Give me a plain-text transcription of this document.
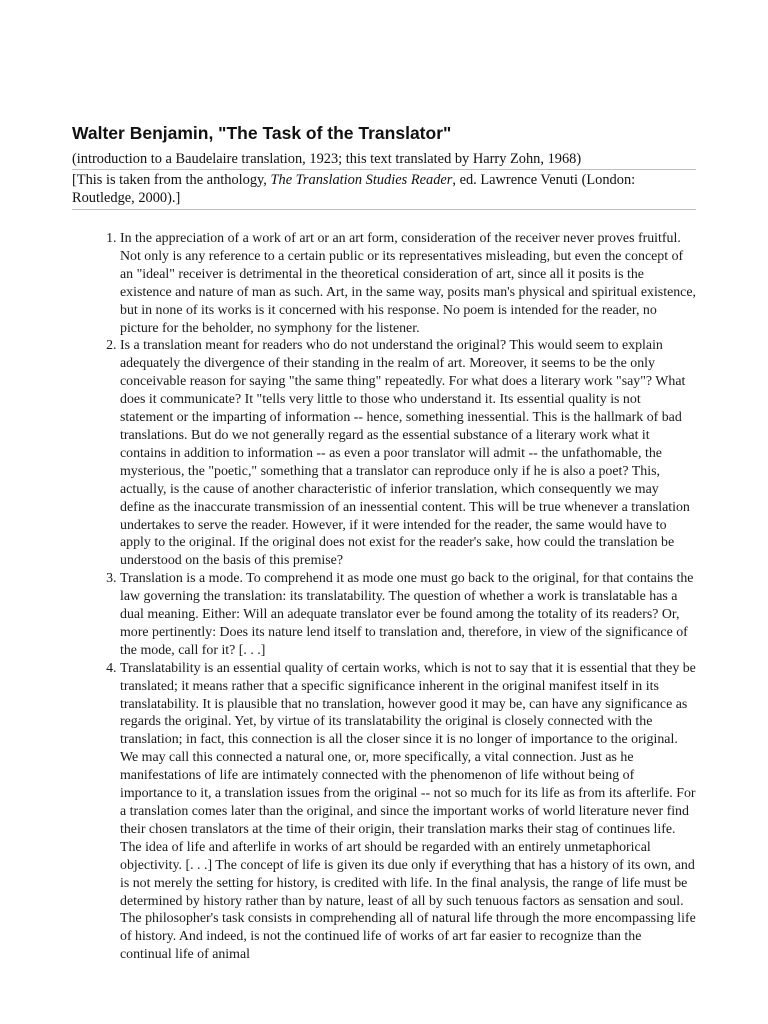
Walter Benjamin, "The Task of the Translator"
(introduction to a Baudelaire translation, 1923; this text translated by Harry Zohn, 1968)
[This is taken from the anthology, The Translation Studies Reader, ed. Lawrence Venuti (London: Routledge, 2000).]
1. In the appreciation of a work of art or an art form, consideration of the receiver never proves fruitful. Not only is any reference to a certain public or its representatives misleading, but even the concept of an "ideal" receiver is detrimental in the theoretical consideration of art, since all it posits is the existence and nature of man as such. Art, in the same way, posits man's physical and spiritual existence, but in none of its works is it concerned with his response. No poem is intended for the reader, no picture for the beholder, no symphony for the listener.
2. Is a translation meant for readers who do not understand the original? This would seem to explain adequately the divergence of their standing in the realm of art. Moreover, it seems to be the only conceivable reason for saying "the same thing" repeatedly. For what does a literary work "say"? What does it communicate? It "tells very little to those who understand it. Its essential quality is not statement or the imparting of information -- hence, something inessential. This is the hallmark of bad translations. But do we not generally regard as the essential substance of a literary work what it contains in addition to information -- as even a poor translator will admit -- the unfathomable, the mysterious, the "poetic," something that a translator can reproduce only if he is also a poet? This, actually, is the cause of another characteristic of inferior translation, which consequently we may define as the inaccurate transmission of an inessential content. This will be true whenever a translation undertakes to serve the reader. However, if it were intended for the reader, the same would have to apply to the original. If the original does not exist for the reader's sake, how could the translation be understood on the basis of this premise?
3. Translation is a mode. To comprehend it as mode one must go back to the original, for that contains the law governing the translation: its translatability. The question of whether a work is translatable has a dual meaning. Either: Will an adequate translator ever be found among the totality of its readers? Or, more pertinently: Does its nature lend itself to translation and, therefore, in view of the significance of the mode, call for it? [. . .]
4. Translatability is an essential quality of certain works, which is not to say that it is essential that they be translated; it means rather that a specific significance inherent in the original manifest itself in its translatability. It is plausible that no translation, however good it may be, can have any significance as regards the original. Yet, by virtue of its translatability the original is closely connected with the translation; in fact, this connection is all the closer since it is no longer of importance to the original. We may call this connected a natural one, or, more specifically, a vital connection. Just as he manifestations of life are intimately connected with the phenomenon of life without being of importance to it, a translation issues from the original -- not so much for its life as from its afterlife. For a translation comes later than the original, and since the important works of world literature never find their chosen translators at the time of their origin, their translation marks their stag of continues life. The idea of life and afterlife in works of art should be regarded with an entirely unmetaphorical objectivity. [. . .] The concept of life is given its due only if everything that has a history of its own, and is not merely the setting for history, is credited with life. In the final analysis, the range of life must be determined by history rather than by nature, least of all by such tenuous factors as sensation and soul. The philosopher's task consists in comprehending all of natural life through the more encompassing life of history. And indeed, is not the continued life of works of art far easier to recognize than the continual life of animal
